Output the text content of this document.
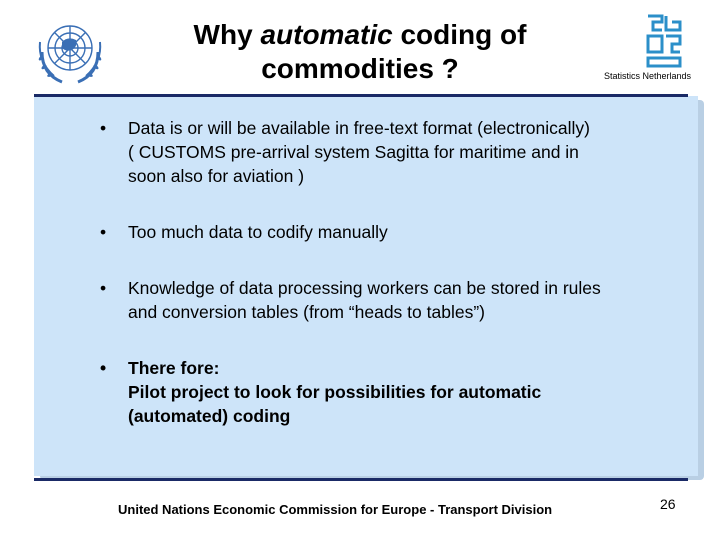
Why automatic coding of
commodities ?	Statistics Netherlands
• Data is or will be available in free-text format (electronically)
( CUSTOMS pre-arrival system Sagitta for maritime and in
soon also for aviation )
• Too much data to codify manually
• Knowledge of data processing workers can be stored in rules
and conversion tables (from “heads to tables”)
• There fore:
Pilot project to look for possibilities for automatic
(automated) coding
United Nations Economic Commission for Europe - Transport Division	26
